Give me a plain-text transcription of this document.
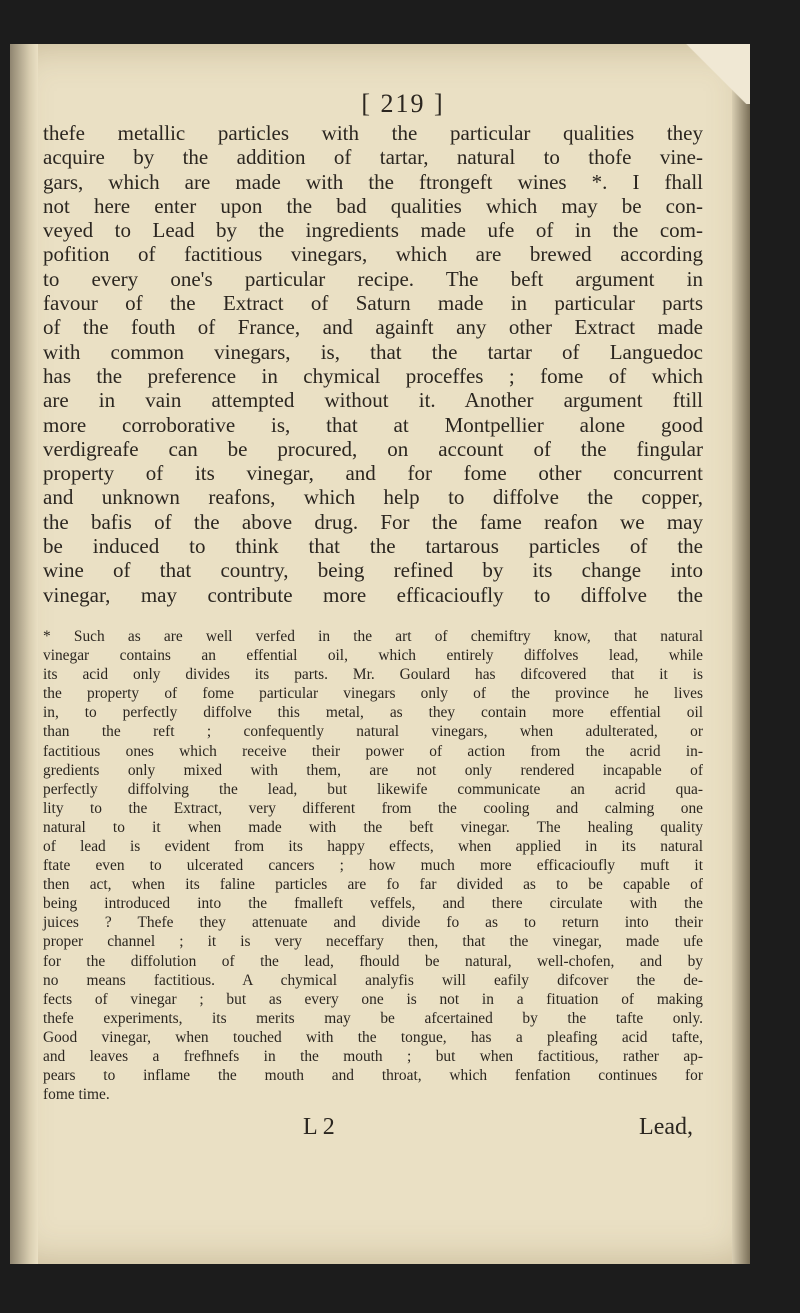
[ 219 ]

thefe metallic particles with the particular qualities they

acquire by the addition of tartar, natural to thofe vine-

gars, which are made with the ftrongeft wines *. I fhall

not here enter upon the bad qualities which may be con-

veyed to Lead by the ingredients made ufe of in the com-

pofition of factitious vinegars, which are brewed according

to every one's particular recipe. The beft argument in

favour of the Extract of Saturn made in particular parts

of the fouth of France, and againft any other Extract made

with common vinegars, is, that the tartar of Languedoc

has the preference in chymical proceffes ; fome of which

are in vain attempted without it. Another argument ftill

more corroborative is, that at Montpellier alone good

verdigreafe can be procured, on account of the fingular

property of its vinegar, and for fome other concurrent

and unknown reafons, which help to diffolve the copper,

the bafis of the above drug. For the fame reafon we may

be induced to think that the tartarous particles of the

wine of that country, being refined by its change into

vinegar, may contribute more efficacioufly to diffolve the

* Such as are well verfed in the art of chemiftry know, that natural

vinegar contains an effential oil, which entirely diffolves lead, while

its acid only divides its parts. Mr. Goulard has difcovered that it is

the property of fome particular vinegars only of the province he lives

in, to perfectly diffolve this metal, as they contain more effential oil

than the reft ; confequently natural vinegars, when adulterated, or

factitious ones which receive their power of action from the acrid in-

gredients only mixed with them, are not only rendered incapable of

perfectly diffolving the lead, but likewife communicate an acrid qua-

lity to the Extract, very different from the cooling and calming one

natural to it when made with the beft vinegar. The healing quality

of lead is evident from its happy effects, when applied in its natural

ftate even to ulcerated cancers ; how much more efficacioufly muft it

then act, when its faline particles are fo far divided as to be capable of

being introduced into the fmalleft veffels, and there circulate with the

juices ? Thefe they attenuate and divide fo as to return into their

proper channel ; it is very neceffary then, that the vinegar, made ufe

for the diffolution of the lead, fhould be natural, well-chofen, and by

no means factitious. A chymical analyfis will eafily difcover the de-

fects of vinegar ; but as every one is not in a fituation of making

thefe experiments, its merits may be afcertained by the tafte only.

Good vinegar, when touched with the tongue, has a pleafing acid tafte,

and leaves a frefhnefs in the mouth ; but when factitious, rather ap-

pears to inflame the mouth and throat, which fenfation continues for

fome time.

L 2	Lead,
